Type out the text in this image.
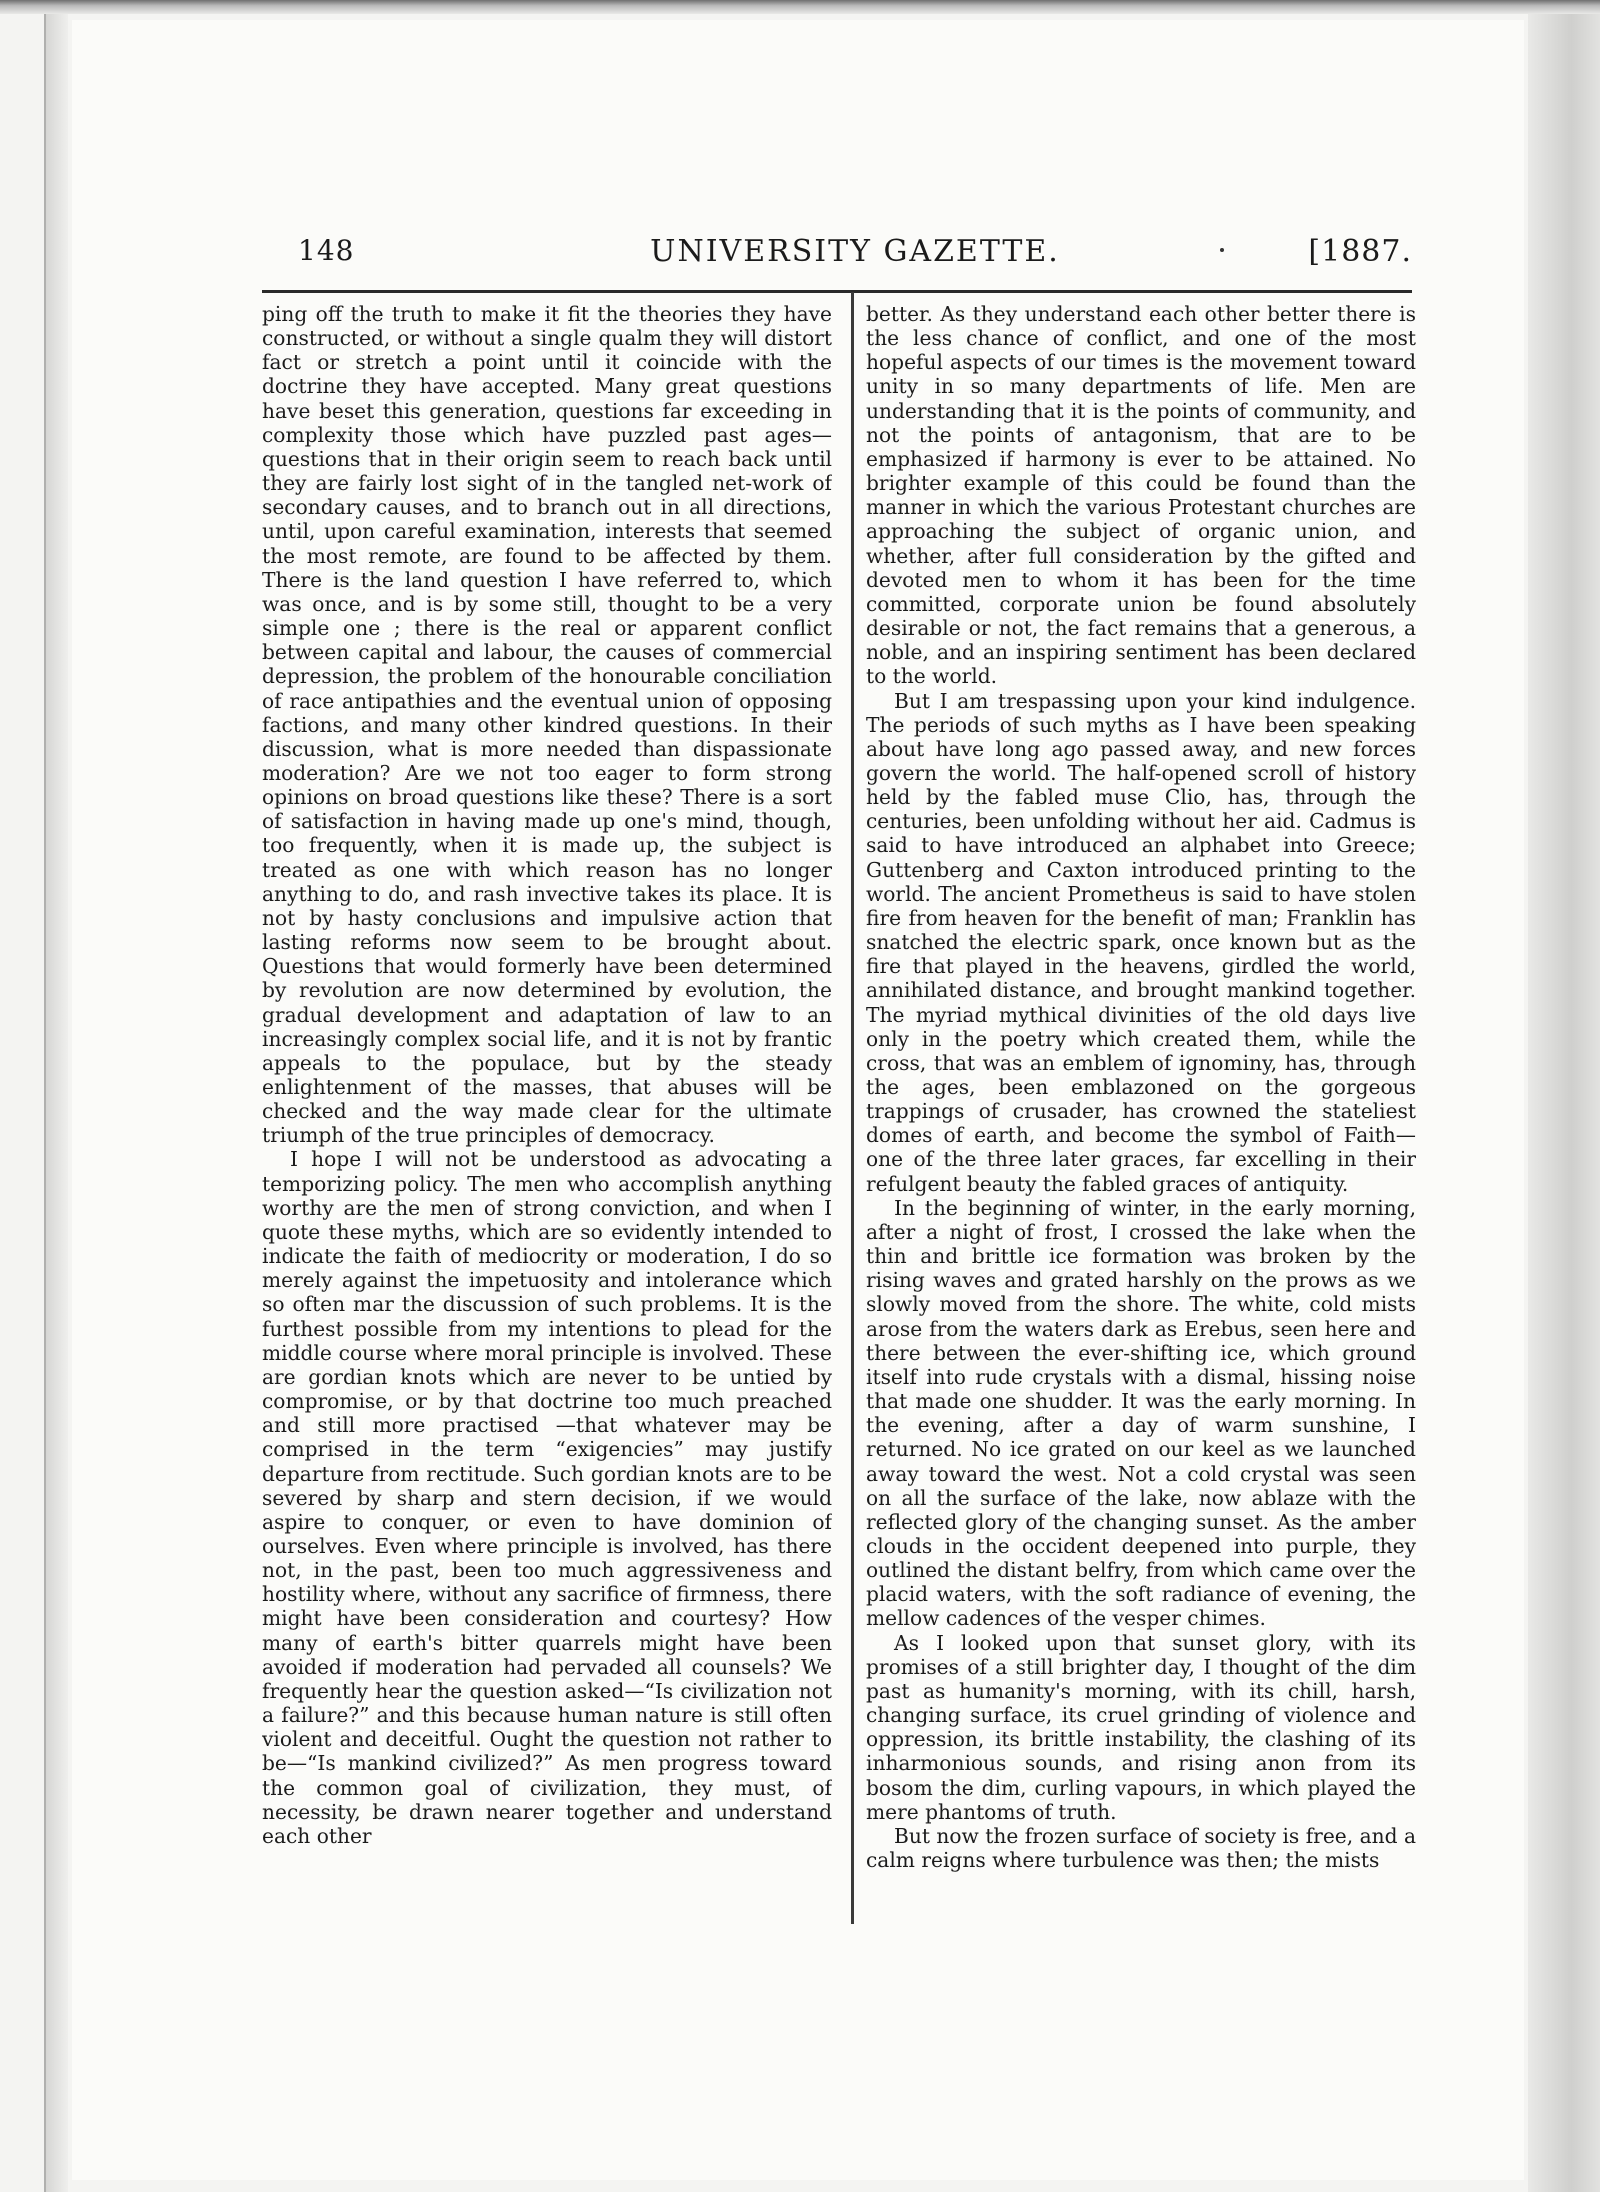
148	UNIVERSITY GAZETTE.	[1887.

ping off the truth to make it fit the theories they have constructed, or without a single qualm they will distort fact or stretch a point until it coincide with the doctrine they have accepted. Many great questions have beset this generation, questions far exceeding in complexity those which have puzzled past ages—questions that in their origin seem to reach back until they are fairly lost sight of in the tangled net-work of secondary causes, and to branch out in all directions, until, upon careful examination, interests that seemed the most remote, are found to be affected by them. There is the land question I have referred to, which was once, and is by some still, thought to be a very simple one ; there is the real or apparent conflict between capital and labour, the causes of commercial depression, the problem of the honourable conciliation of race antipathies and the eventual union of opposing factions, and many other kindred questions. In their discussion, what is more needed than dispassionate moderation? Are we not too eager to form strong opinions on broad questions like these? There is a sort of satisfaction in having made up one's mind, though, too frequently, when it is made up, the subject is treated as one with which reason has no longer anything to do, and rash invective takes its place. It is not by hasty conclusions and impulsive action that lasting reforms now seem to be brought about. Questions that would formerly have been determined by revolution are now determined by evolution, the gradual development and adaptation of law to an increasingly complex social life, and it is not by frantic appeals to the populace, but by the steady enlightenment of the masses, that abuses will be checked and the way made clear for the ultimate triumph of the true principles of democracy.

I hope I will not be understood as advocating a temporizing policy. The men who accomplish anything worthy are the men of strong conviction, and when I quote these myths, which are so evidently intended to indicate the faith of mediocrity or moderation, I do so merely against the impetuosity and intolerance which so often mar the discussion of such problems. It is the furthest possible from my intentions to plead for the middle course where moral principle is involved. These are gordian knots which are never to be untied by compromise, or by that doctrine too much preached and still more practised —that whatever may be comprised in the term “exigencies” may justify departure from rectitude. Such gordian knots are to be severed by sharp and stern decision, if we would aspire to conquer, or even to have dominion of ourselves. Even where principle is involved, has there not, in the past, been too much aggressiveness and hostility where, without any sacrifice of firmness, there might have been consideration and courtesy? How many of earth's bitter quarrels might have been avoided if moderation had pervaded all counsels? We frequently hear the question asked—“Is civilization not a failure?” and this because human nature is still often violent and deceitful. Ought the question not rather to be—“Is mankind civilized?” As men progress toward the common goal of civilization, they must, of necessity, be drawn nearer together and understand each other

better. As they understand each other better there is the less chance of conflict, and one of the most hopeful aspects of our times is the movement toward unity in so many departments of life. Men are understanding that it is the points of community, and not the points of antagonism, that are to be emphasized if harmony is ever to be attained. No brighter example of this could be found than the manner in which the various Protestant churches are approaching the subject of organic union, and whether, after full consideration by the gifted and devoted men to whom it has been for the time committed, corporate union be found absolutely desirable or not, the fact remains that a generous, a noble, and an inspiring sentiment has been declared to the world.

But I am trespassing upon your kind indulgence. The periods of such myths as I have been speaking about have long ago passed away, and new forces govern the world. The half-opened scroll of history held by the fabled muse Clio, has, through the centuries, been unfolding without her aid. Cadmus is said to have introduced an alphabet into Greece; Guttenberg and Caxton introduced printing to the world. The ancient Prometheus is said to have stolen fire from heaven for the benefit of man; Franklin has snatched the electric spark, once known but as the fire that played in the heavens, girdled the world, annihilated distance, and brought mankind together. The myriad mythical divinities of the old days live only in the poetry which created them, while the cross, that was an emblem of ignominy, has, through the ages, been emblazoned on the gorgeous trappings of crusader, has crowned the stateliest domes of earth, and become the symbol of Faith—one of the three later graces, far excelling in their refulgent beauty the fabled graces of antiquity.

In the beginning of winter, in the early morning, after a night of frost, I crossed the lake when the thin and brittle ice formation was broken by the rising waves and grated harshly on the prows as we slowly moved from the shore. The white, cold mists arose from the waters dark as Erebus, seen here and there between the ever-shifting ice, which ground itself into rude crystals with a dismal, hissing noise that made one shudder. It was the early morning. In the evening, after a day of warm sunshine, I returned. No ice grated on our keel as we launched away toward the west. Not a cold crystal was seen on all the surface of the lake, now ablaze with the reflected glory of the changing sunset. As the amber clouds in the occident deepened into purple, they outlined the distant belfry, from which came over the placid waters, with the soft radiance of evening, the mellow cadences of the vesper chimes.

As I looked upon that sunset glory, with its promises of a still brighter day, I thought of the dim past as humanity's morning, with its chill, harsh, changing surface, its cruel grinding of violence and oppression, its brittle instability, the clashing of its inharmonious sounds, and rising anon from its bosom the dim, curling vapours, in which played the mere phantoms of truth.

But now the frozen surface of society is free, and a calm reigns where turbulence was then; the mists
